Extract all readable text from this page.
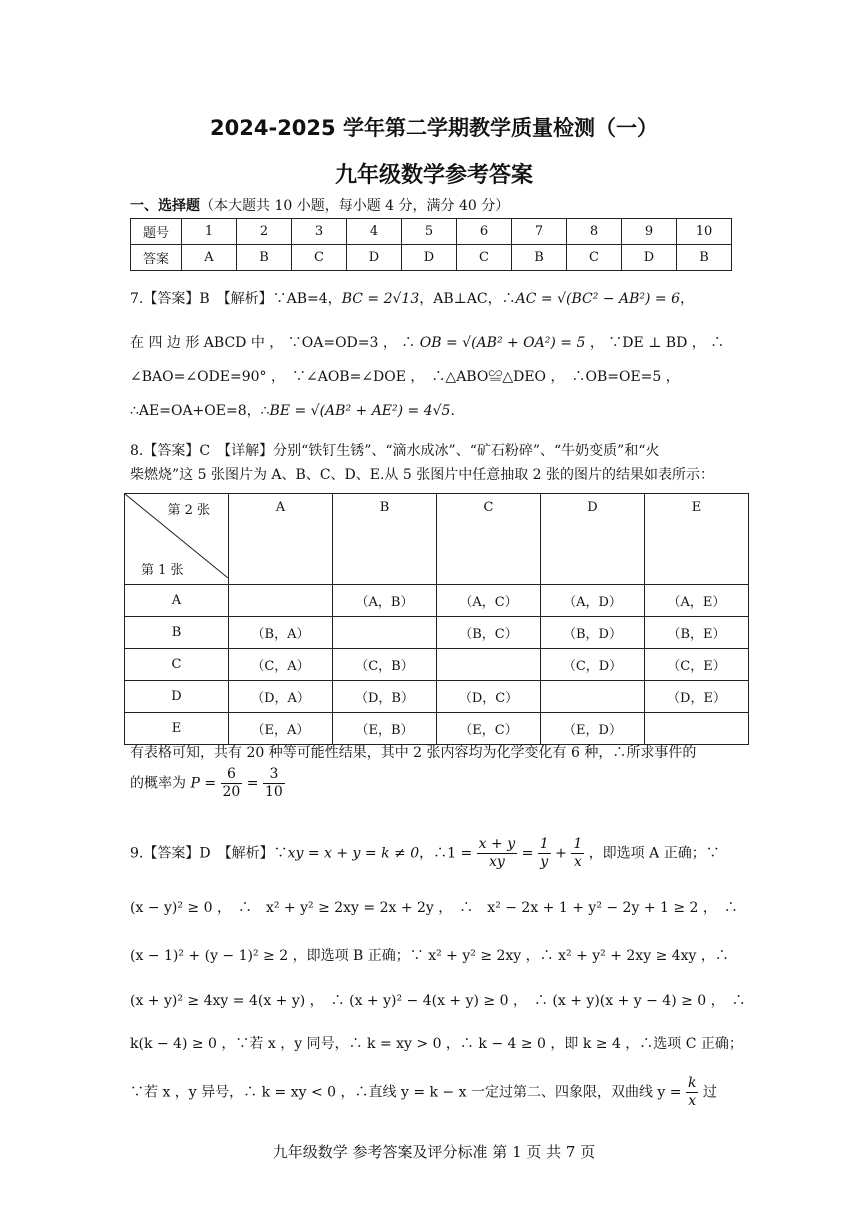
2024-2025 学年第二学期教学质量检测（一）
九年级数学参考答案
一、选择题（本大题共 10 小题，每小题 4 分，满分 40 分）
题号	1	2	3	4	5	6	7	8	9	10
答案	A	B	C	D	D	C	B	C	D	B
7.【答案】B　【解析】∵AB=4，BC = 2√13，AB⊥AC，∴AC = √(BC² − AB²) = 6，
在 四 边 形 ABCD 中 ， ∵OA=OD=3 ， ∴ OB = √(AB² + OA²) = 5 ， ∵DE ⊥ BD ， ∴
∠BAO=∠ODE=90° ，　∵∠AOB=∠DOE ，　∴△ABO≌△DEO ，　∴OB=OE=5 ，
∴AE=OA+OE=8，∴BE = √(AB² + AE²) = 4√5.
8.【答案】C　【详解】分别“铁钉生锈”、“滴水成冰”、“矿石粉碎”、“牛奶变质”和“火
柴燃烧”这 5 张图片为 A、B、C、D、E.从 5 张图片中任意抽取 2 张的图片的结果如表所示：
第 2 张
第 1 张	A	B	C	D	E
A		（A，B）	（A，C）	（A，D）	（A，E）
B	（B，A）		（B，C）	（B，D）	（B，E）
C	（C，A）	（C，B）		（C，D）	（C，E）
D	（D，A）	（D，B）	（D，C）		（D，E）
E	（E，A）	（E，B）	（E，C）	（E，D）	
有表格可知，共有 20 种等可能性结果，其中 2 张内容均为化学变化有 6 种，∴所求事件的
的概率为 $P = \frac{6}{20} = \frac{3}{10}$
9.【答案】D　【解析】∵xy = x + y = k ≠ 0，∴1 = $\frac{x + y}{xy} = \frac{1}{y} + \frac{1}{x}$ ，即选项 A 正确；∵
(x − y)² ≥ 0 ，　∴　x² + y² ≥ 2xy = 2x + 2y ，　∴　x² − 2x + 1 + y² − 2y + 1 ≥ 2 ，　∴
(x − 1)² + (y − 1)² ≥ 2 ，即选项 B 正确；∵ x² + y² ≥ 2xy ，∴ x² + y² + 2xy ≥ 4xy ，∴
(x + y)² ≥ 4xy = 4(x + y) ，　∴ (x + y)² − 4(x + y) ≥ 0 ，　∴ (x + y)(x + y − 4) ≥ 0 ，　∴
k(k − 4) ≥ 0 ，∵若 x ，y 同号，∴ k = xy > 0 ，∴ k − 4 ≥ 0 ，即 k ≥ 4 ，∴选项 C 正确；
∵若 x ，y 异号，∴ k = xy < 0 ，∴直线 y = k − x 一定过第二、四象限，双曲线 $y = \frac{k}{x}$ 过
九年级数学 参考答案及评分标准 第 1 页 共 7 页
